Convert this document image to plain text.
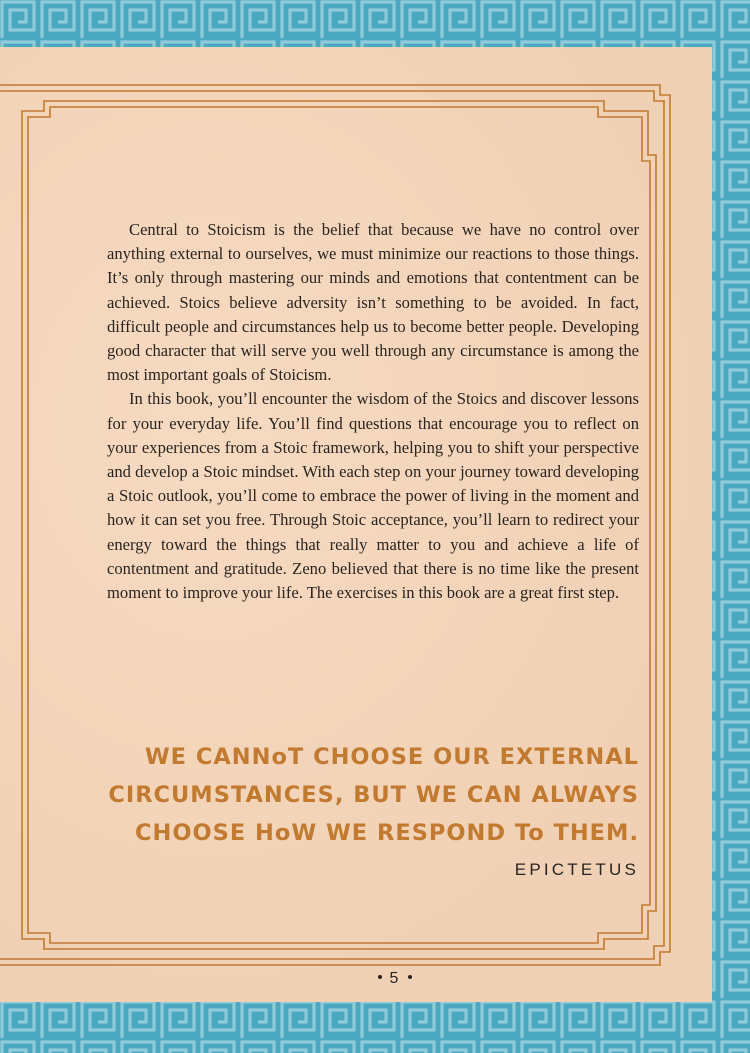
Central to Stoicism is the belief that because we have no control over anything external to ourselves, we must minimize our reactions to those things. It’s only through mastering our minds and emotions that contentment can be achieved. Stoics believe adversity isn’t something to be avoided. In fact, difficult people and circumstances help us to become better people. Developing good character that will serve you well through any circumstance is among the most important goals of Stoicism.

In this book, you’ll encounter the wisdom of the Stoics and discover lessons for your everyday life. You’ll find questions that encourage you to reflect on your experiences from a Stoic framework, helping you to shift your perspective and develop a Stoic mindset. With each step on your journey toward developing a Stoic outlook, you’ll come to embrace the power of living in the moment and how it can set you free. Through Stoic acceptance, you’ll learn to redirect your energy toward the things that really matter to you and achieve a life of contentment and gratitude. Zeno believed that there is no time like the present moment to improve your life. The exercises in this book are a great first step.

WE CANNoT CHOOSE OUR EXTERNAL
CIRCUMSTANCES, BUT WE CAN ALWAYS
CHOOSE HoW WE RESPOND To THEM.
EPICTETUS
5
